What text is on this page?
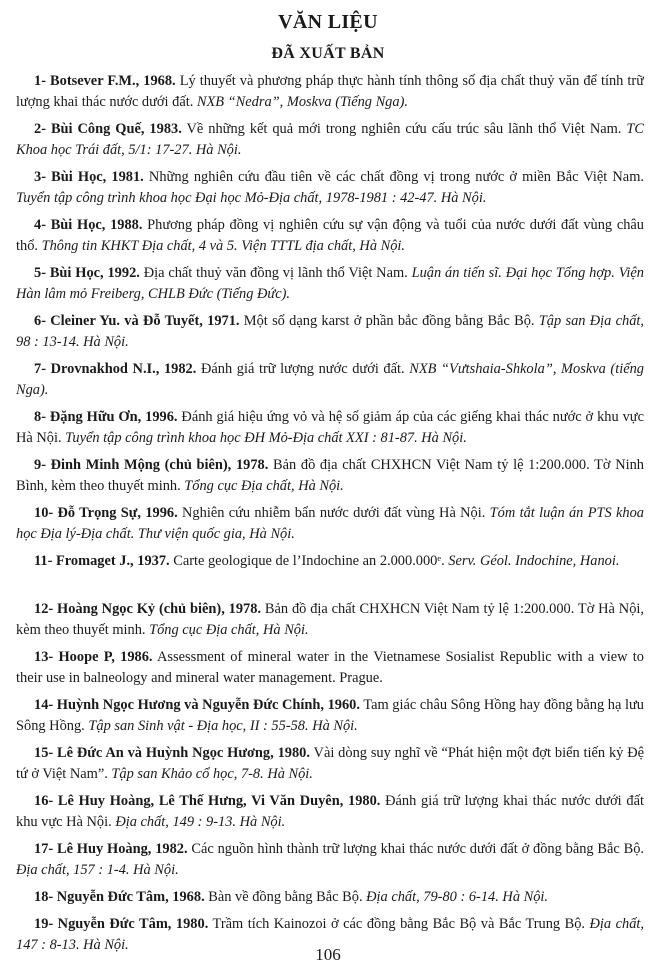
VĂN LIỆU
ĐÃ XUẤT BẢN

1- Botsever F.M., 1968. Lý thuyết và phương pháp thực hành tính thông số địa chất thuỷ văn để tính trữ lượng khai thác nước dưới đất. NXB “Nedra”, Moskva (Tiếng Nga).

2- Bùi Công Quế, 1983. Về những kết quả mới trong nghiên cứu cấu trúc sâu lãnh thổ Việt Nam. TC Khoa học Trái đất, 5/1: 17-27. Hà Nội.

3- Bùi Học, 1981. Những nghiên cứu đầu tiên về các chất đồng vị trong nước ở miền Bắc Việt Nam. Tuyển tập công trình khoa học Đại học Mỏ-Địa chất, 1978-1981 : 42-47. Hà Nội.

4- Bùi Học, 1988. Phương pháp đồng vị nghiên cứu sự vận động và tuổi của nước dưới đất vùng châu thổ. Thông tin KHKT Địa chất, 4 và 5. Viện TTTL địa chất, Hà Nội.

5- Bùi Học, 1992. Địa chất thuỷ văn đồng vị lãnh thổ Việt Nam. Luận án tiến sĩ. Đại học Tổng hợp. Viện Hàn lâm mỏ Freiberg, CHLB Đức (Tiếng Đức).

6- Cleiner Yu. và Đỗ Tuyết, 1971. Một số dạng karst ở phần bắc đồng bằng Bắc Bộ. Tập san Địa chất, 98 : 13-14. Hà Nội.

7- Drovnakhod N.I., 1982. Đánh giá trữ lượng nước dưới đất. NXB “Vưtshaia-Shkola”, Moskva (tiếng Nga).

8- Đặng Hữu Ơn, 1996. Đánh giá hiệu ứng vỏ và hệ số giảm áp của các giếng khai thác nước ở khu vực Hà Nội. Tuyển tập công trình khoa học ĐH Mỏ-Địa chất XXI : 81-87. Hà Nội.

9- Đinh Minh Mộng (chủ biên), 1978. Bản đồ địa chất CHXHCN Việt Nam tỷ lệ 1:200.000. Tờ Ninh Bình, kèm theo thuyết minh. Tổng cục Địa chất, Hà Nội.

10- Đỗ Trọng Sự, 1996. Nghiên cứu nhiễm bẩn nước dưới đất vùng Hà Nội. Tóm tắt luận án PTS khoa học Địa lý-Địa chất. Thư viện quốc gia, Hà Nội.

11- Fromaget J., 1937. Carte geologique de l’Indochine an 2.000.000ᵉ. Serv. Géol. Indochine, Hanoi.

12- Hoàng Ngọc Kỷ (chủ biên), 1978. Bản đồ địa chất CHXHCN Việt Nam tỷ lệ 1:200.000. Tờ Hà Nội, kèm theo thuyết minh. Tổng cục Địa chất, Hà Nội.

13- Hoope P, 1986. Assessment of mineral water in the Vietnamese Sosialist Republic with a view to their use in balneology and mineral water management. Prague.

14- Huỳnh Ngọc Hương và Nguyễn Đức Chính, 1960. Tam giác châu Sông Hồng hay đồng bằng hạ lưu Sông Hồng. Tập san Sinh vật - Địa học, II : 55-58. Hà Nội.

15- Lê Đức An và Huỳnh Ngọc Hương, 1980. Vài dòng suy nghĩ về “Phát hiện một đợt biển tiến kỷ Đệ tứ ở Việt Nam”. Tập san Khảo cổ học, 7-8. Hà Nội.

16- Lê Huy Hoàng, Lê Thế Hưng, Vi Văn Duyên, 1980. Đánh giá trữ lượng khai thác nước dưới đất khu vực Hà Nội. Địa chất, 149 : 9-13. Hà Nội.

17- Lê Huy Hoàng, 1982. Các nguồn hình thành trữ lượng khai thác nước dưới đất ở đồng bằng Bắc Bộ. Địa chất, 157 : 1-4. Hà Nội.

18- Nguyễn Đức Tâm, 1968. Bàn về đồng bằng Bắc Bộ. Địa chất, 79-80 : 6-14. Hà Nội.

19- Nguyễn Đức Tâm, 1980. Trầm tích Kainozoi ở các đồng bằng Bắc Bộ và Bắc Trung Bộ. Địa chất, 147 : 8-13. Hà Nội.	106
